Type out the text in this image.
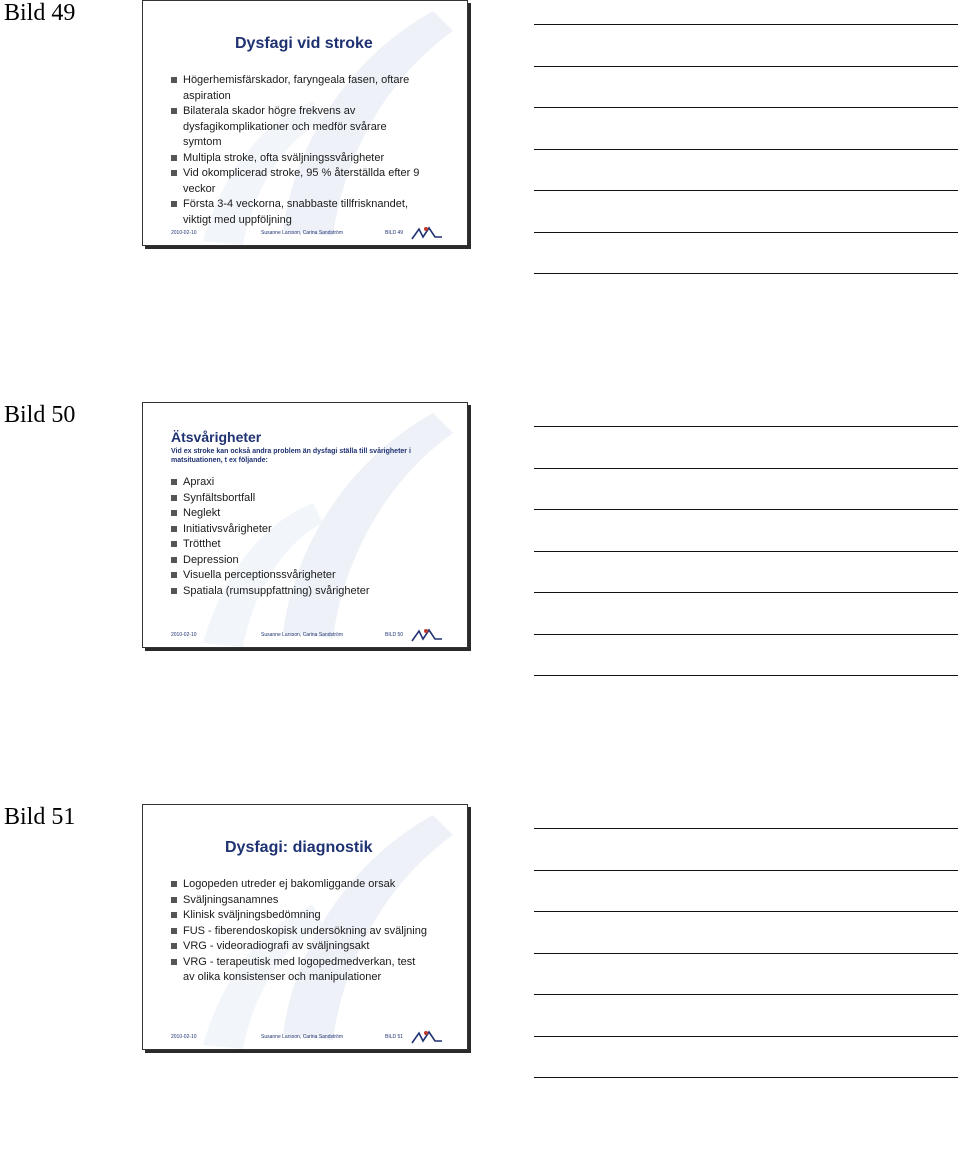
Bild 49
Dysfagi vid stroke
Högerhemisfärskador, faryngeala fasen, oftare aspiration
Bilaterala skador högre frekvens av dysfagikomplikationer och medför svårare symtom
Multipla stroke, ofta sväljningssvårigheter
Vid okomplicerad stroke, 95 % återställda efter 9 veckor
Första 3-4 veckorna, snabbaste tillfrisknandet, viktigt med uppföljning
2010-02-10	Susanne Larsson, Carina Sandström	BILD 49
Bild 50
Ätsvårigheter
Vid ex stroke kan också andra problem än dysfagi ställa till svårigheter i matsituationen, t ex följande:
Apraxi
Synfältsbortfall
Neglekt
Initiativsvårigheter
Trötthet
Depression
Visuella perceptionssvårigheter
Spatiala (rumsuppfattning) svårigheter
2010-02-10	Susanne Larsson, Carina Sandström	BILD 50
Bild 51
Dysfagi: diagnostik
Logopeden utreder ej bakomliggande orsak
Sväljningsanamnes
Klinisk sväljningsbedömning
FUS - fiberendoskopisk undersökning av sväljning
VRG - videoradiografi av sväljningsakt
VRG - terapeutisk med logopedmedverkan, test av olika konsistenser och manipulationer
2010-02-10	Susanne Larsson, Carina Sandström	BILD 51
